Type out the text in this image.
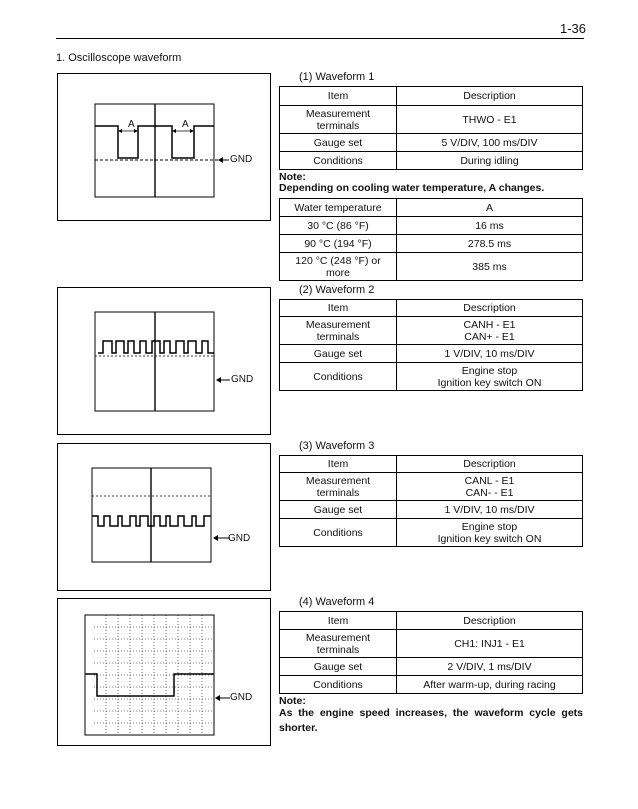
1-36
1. Oscilloscope waveform
A	A
GND
(1) Waveform 1
Item	Description
Measurement terminals	THWO - E1
Gauge set	5 V/DIV, 100 ms/DIV
Conditions	During idling
Note:
Depending on cooling water temperature, A changes.
Water temperature	A
30 °C (86 °F)	16 ms
90 °C (194 °F)	278.5 ms
120 °C (248 °F) or more	385 ms
GND
(2) Waveform 2
Item	Description
Measurement terminals	CANH - E1
CAN+ - E1
Gauge set	1 V/DIV, 10 ms/DIV
Conditions	Engine stop
Ignition key switch ON
GND
(3) Waveform 3
Item	Description
Measurement terminals	CANL - E1
CAN- - E1
Gauge set	1 V/DIV, 10 ms/DIV
Conditions	Engine stop
Ignition key switch ON
GND
(4) Waveform 4
Item	Description
Measurement terminals	CH1: INJ1 - E1
Gauge set	2 V/DIV, 1 ms/DIV
Conditions	After warm-up, during racing
Note:
As the engine speed increases, the waveform cycle gets shorter.
